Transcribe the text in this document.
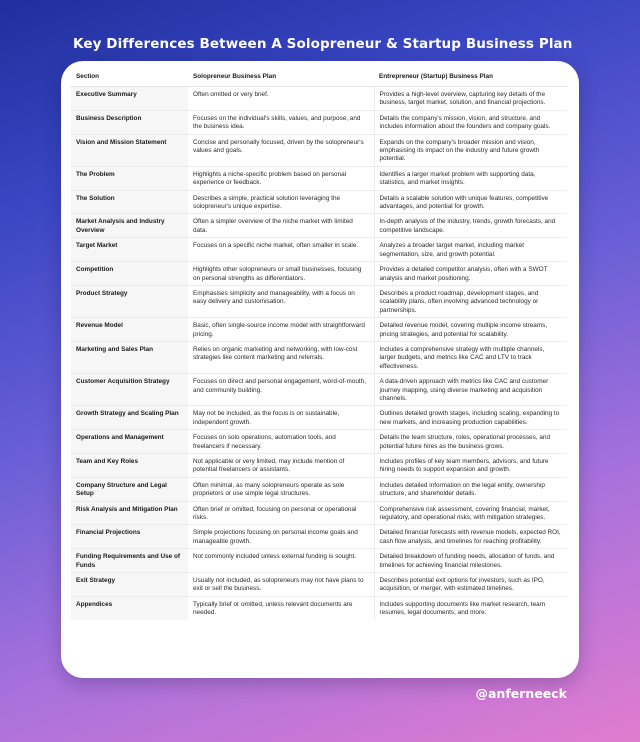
Key Differences Between A Solopreneur & Startup Business Plan
Section	Solopreneur Business Plan	Entrepreneur (Startup) Business Plan
Executive Summary	Often omitted or very brief.	Provides a high-level overview, capturing key details of the business, target market, solution, and financial projections.
Business Description	Focuses on the individual's skills, values, and purpose, and the business idea.	Details the company's mission, vision, and structure, and includes information about the founders and company goals.
Vision and Mission Statement	Concise and personally focused, driven by the solopreneur's values and goals.	Expands on the company's broader mission and vision, emphasising its impact on the industry and future growth potential.
The Problem	Highlights a niche-specific problem based on personal experience or feedback.	Identifies a larger market problem with supporting data, statistics, and market insights.
The Solution	Describes a simple, practical solution leveraging the solopreneur's unique expertise.	Details a scalable solution with unique features, competitive advantages, and potential for growth.
Market Analysis and Industry Overview	Often a simpler overview of the niche market with limited data.	In-depth analysis of the industry, trends, growth forecasts, and competitive landscape.
Target Market	Focuses on a specific niche market, often smaller in scale.	Analyzes a broader target market, including market segmentation, size, and growth potential.
Competition	Highlights other solopreneurs or small businesses, focusing on personal strengths as differentiators.	Provides a detailed competitor analysis, often with a SWOT analysis and market positioning.
Product Strategy	Emphasises simplicity and manageability, with a focus on easy delivery and customisation.	Describes a product roadmap, development stages, and scalability plans, often involving advanced technology or partnerships.
Revenue Model	Basic, often single-source income model with straightforward pricing.	Detailed revenue model, covering multiple income streams, pricing strategies, and potential for scalability.
Marketing and Sales Plan	Relies on organic marketing and networking, with low-cost strategies like content marketing and referrals.	Includes a comprehensive strategy with multiple channels, larger budgets, and metrics like CAC and LTV to track effectiveness.
Customer Acquisition Strategy	Focuses on direct and personal engagement, word-of-mouth, and community building.	A data-driven approach with metrics like CAC and customer journey mapping, using diverse marketing and acquisition channels.
Growth Strategy and Scaling Plan	May not be included, as the focus is on sustainable, independent growth.	Outlines detailed growth stages, including scaling, expanding to new markets, and increasing production capabilities.
Operations and Management	Focuses on solo operations, automation tools, and freelancers if necessary.	Details the team structure, roles, operational processes, and potential future hires as the business grows.
Team and Key Roles	Not applicable or very limited, may include mention of potential freelancers or assistants.	Includes profiles of key team members, advisors, and future hiring needs to support expansion and growth.
Company Structure and Legal Setup	Often minimal, as many solopreneurs operate as sole proprietors or use simple legal structures.	Includes detailed information on the legal entity, ownership structure, and shareholder details.
Risk Analysis and Mitigation Plan	Often brief or omitted, focusing on personal or operational risks.	Comprehensive risk assessment, covering financial, market, regulatory, and operational risks, with mitigation strategies.
Financial Projections	Simple projections focusing on personal income goals and manageable growth.	Detailed financial forecasts with revenue models, expected ROI, cash flow analysis, and timelines for reaching profitability.
Funding Requirements and Use of Funds	Not commonly included unless external funding is sought.	Detailed breakdown of funding needs, allocation of funds, and timelines for achieving financial milestones.
Exit Strategy	Usually not included, as solopreneurs may not have plans to exit or sell the business.	Describes potential exit options for investors, such as IPO, acquisition, or merger, with estimated timelines.
Appendices	Typically brief or omitted, unless relevant documents are needed.	Includes supporting documents like market research, team resumes, legal documents, and more.
@anferneeck
